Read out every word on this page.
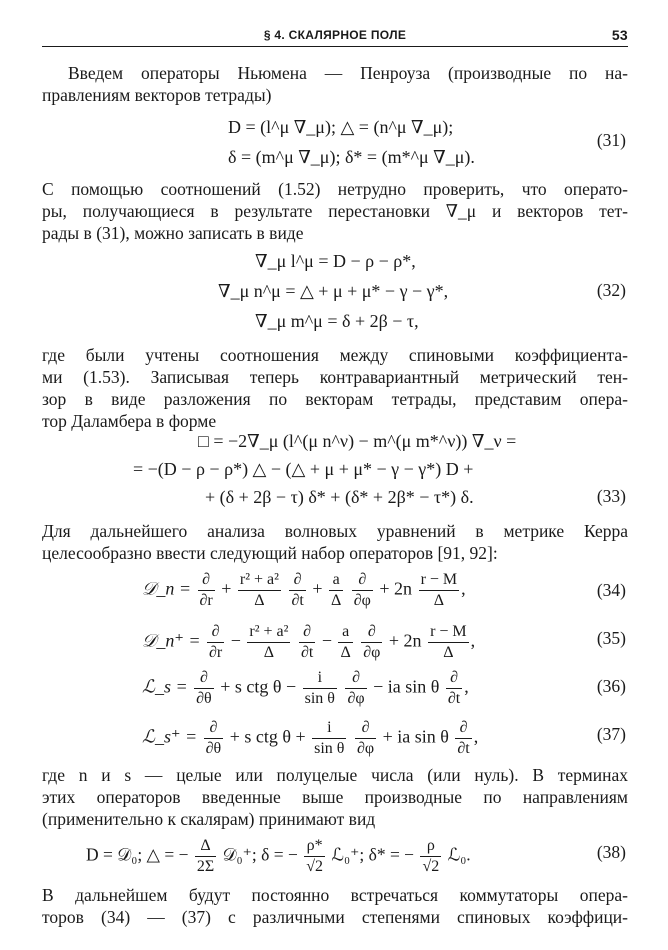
§ 4. СКАЛЯРНОЕ ПОЛЕ	53
Введем операторы Ньюмена — Пенроуза (производные по на-
правлениям векторов тетрады)
D = (l^μ ∇_μ); △ = (n^μ ∇_μ);
δ = (m^μ ∇_μ); δ* = (m*^μ ∇_μ).
(31)
С помощью соотношений (1.52) нетрудно проверить, что операто-
ры, получающиеся в результате перестановки ∇_μ и векторов тет-
рады в (31), можно записать в виде
∇_μ l^μ = D − ρ − ρ*,
∇_μ n^μ = △ + μ + μ* − γ − γ*,
∇_μ m^μ = δ + 2β − τ,
(32)
где были учтены соотношения между спиновыми коэффициента-
ми (1.53). Записывая теперь контравариантный метрический тен-
зор в виде разложения по векторам тетрады, представим опера-
тор Даламбера в форме
□ = −2∇_μ (l^(μ n^ν) − m^(μ m*^ν)) ∇_ν =
= −(D − ρ − ρ*) △ − (△ + μ + μ* − γ − γ*) D +
+ (δ + 2β − τ) δ* + (δ* + 2β* − τ*) δ.	(33)
Для дальнейшего анализа волновых уравнений в метрике Керра
целесообразно ввести следующий набор операторов [91, 92]:
𝒟_n = $\frac{\partial}{\partial r} + \frac{\text{r² + a²}}{\Delta}$
$\frac{\partial}{\partial t} + \frac{a}{\Delta}$
$\frac{\partial}{\partial\varphi} + 2n \frac{r - M}{\Delta}$ ,	(34)
𝒟_n⁺ = $\frac{\partial}{\partial r} - \frac{\text{r² + a²}}{\Delta}$
$\frac{\partial}{\partial t} - \frac{a}{\Delta}$
$\frac{\partial}{\partial\varphi} + 2n \frac{r - M}{\Delta}$ ,	(35)
ℒ_s = $\frac{\partial}{\partial\theta} + s$ ctg $\theta - \frac{i}{\text{sin θ}}$
$\frac{\partial}{\partial\varphi}$ − ia sin θ $\frac{\partial}{\partial t}$ ,	(36)
ℒ_s⁺ = $\frac{\partial}{\partial\theta} + s$ ctg $\theta + \frac{i}{\text{sin θ}}$
$\frac{\partial}{\partial\varphi}$ + ia sin θ $\frac{\partial}{\partial t}$ ,	(37)
где n и s — целые или полуцелые числа (или нуль). В терминах
этих операторов введенные выше производные по направлениям
(применительно к скалярам) принимают вид
D = 𝒟₀; △ = − $\frac{\Delta}{2\Sigma}$ 𝒟₀⁺; δ = − $\frac{\rho*}{√2}$ ℒ₀⁺; δ* = − $\frac{\rho}{√2}$ ℒ₀.	(38)
В дальнейшем будут постоянно встречаться коммутаторы опера-
торов (34) — (37) с различными степенями спиновых коэффици-
